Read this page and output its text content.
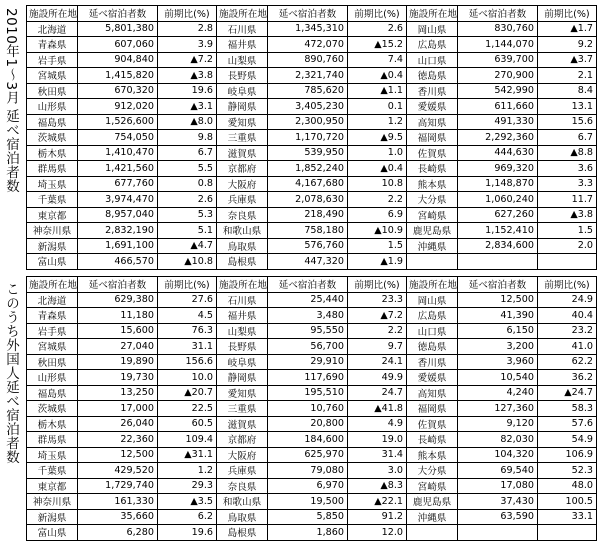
2010年1〜3月 延べ宿泊者数	施設所在地	延べ宿泊者数	前期比(%)	施設所在地	延べ宿泊者数	前期比(%)	施設所在地	延べ宿泊者数	前期比(%)
北海道	5,801,380	2.8	石川県	1,345,310	2.6	岡山県	830,760	▲1.7
青森県	607,060	3.9	福井県	472,070	▲15.2	広島県	1,144,070	9.2
岩手県	904,840	▲7.2	山梨県	890,760	7.4	山口県	639,700	▲3.7
宮城県	1,415,820	▲3.8	長野県	2,321,740	▲0.4	徳島県	270,900	2.1
秋田県	670,320	19.6	岐阜県	785,620	▲1.1	香川県	542,990	8.4
山形県	912,020	▲3.1	静岡県	3,405,230	0.1	愛媛県	611,660	13.1
福島県	1,526,600	▲8.0	愛知県	2,300,950	1.2	高知県	491,330	15.6
茨城県	754,050	9.8	三重県	1,170,720	▲9.5	福岡県	2,292,360	6.7
栃木県	1,410,470	6.7	滋賀県	539,950	1.0	佐賀県	444,630	▲8.8
群馬県	1,421,560	5.5	京都府	1,852,240	▲0.4	長崎県	969,320	3.6
埼玉県	677,760	0.8	大阪府	4,167,680	10.8	熊本県	1,148,870	3.3
千葉県	3,974,470	2.6	兵庫県	2,078,630	2.2	大分県	1,060,240	11.7
東京都	8,957,040	5.3	奈良県	218,490	6.9	宮崎県	627,260	▲3.8
神奈川県	2,832,190	5.1	和歌山県	758,180	▲10.9	鹿児島県	1,152,410	1.5
新潟県	1,691,100	▲4.7	鳥取県	576,760	1.5	沖縄県	2,834,600	2.0
富山県	466,570	▲10.8	島根県	447,320	▲1.9			
このうち外国人延べ宿泊者数	施設所在地	延べ宿泊者数	前期比(%)	施設所在地	延べ宿泊者数	前期比(%)	施設所在地	延べ宿泊者数	前期比(%)
北海道	629,380	27.6	石川県	25,440	23.3	岡山県	12,500	24.9
青森県	11,180	4.5	福井県	3,480	▲7.2	広島県	41,390	40.4
岩手県	15,600	76.3	山梨県	95,550	2.2	山口県	6,150	23.2
宮城県	27,040	31.1	長野県	56,700	9.7	徳島県	3,200	41.0
秋田県	19,890	156.6	岐阜県	29,910	24.1	香川県	3,960	62.2
山形県	19,730	10.0	静岡県	117,690	49.9	愛媛県	10,540	36.2
福島県	13,250	▲20.7	愛知県	195,510	24.7	高知県	4,240	▲24.7
茨城県	17,000	22.5	三重県	10,760	▲41.8	福岡県	127,360	58.3
栃木県	26,040	60.5	滋賀県	20,800	4.9	佐賀県	9,120	57.6
群馬県	22,360	109.4	京都府	184,600	19.0	長崎県	82,030	54.9
埼玉県	12,500	▲31.1	大阪府	625,970	31.4	熊本県	104,320	106.9
千葉県	429,520	1.2	兵庫県	79,080	3.0	大分県	69,540	52.3
東京都	1,729,740	29.3	奈良県	6,970	▲8.3	宮崎県	17,080	48.0
神奈川県	161,330	▲3.5	和歌山県	19,500	▲22.1	鹿児島県	37,430	100.5
新潟県	35,660	6.2	鳥取県	5,850	91.2	沖縄県	63,590	33.1
富山県	6,280	19.6	島根県	1,860	12.0			
